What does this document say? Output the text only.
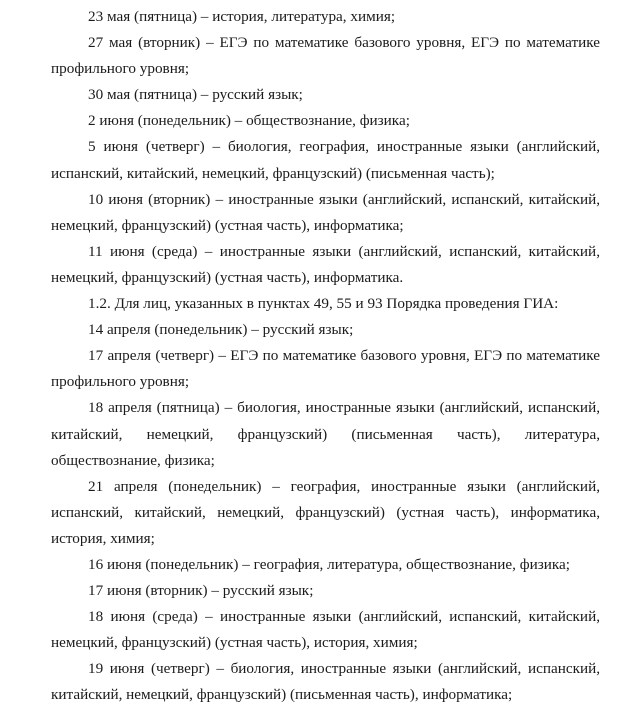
23 мая (пятница) – история, литература, химия;

27 мая (вторник) – ЕГЭ по математике базового уровня, ЕГЭ по математике профильного уровня;

30 мая (пятница) – русский язык;

2 июня (понедельник) – обществознание, физика;

5 июня (четверг) – биология, география, иностранные языки (английский, испанский, китайский, немецкий, французский) (письменная часть);

10 июня (вторник) – иностранные языки (английский, испанский, китайский, немецкий, французский) (устная часть), информатика;

11 июня (среда) – иностранные языки (английский, испанский, китайский, немецкий, французский) (устная часть), информатика.

1.2. Для лиц, указанных в пунктах 49, 55 и 93 Порядка проведения ГИА:

14 апреля (понедельник) – русский язык;

17 апреля (четверг) – ЕГЭ по математике базового уровня, ЕГЭ по математике профильного уровня;

18 апреля (пятница) – биология, иностранные языки (английский, испанский, китайский, немецкий, французский) (письменная часть), литература, обществознание, физика;

21 апреля (понедельник) – география, иностранные языки (английский, испанский, китайский, немецкий, французский) (устная часть), информатика, история, химия;

16 июня (понедельник) – география, литература, обществознание, физика;

17 июня (вторник) – русский язык;

18 июня (среда) – иностранные языки (английский, испанский, китайский, немецкий, французский) (устная часть), история, химия;

19 июня (четверг) – биология, иностранные языки (английский, испанский, китайский, немецкий, французский) (письменная часть), информатика;
